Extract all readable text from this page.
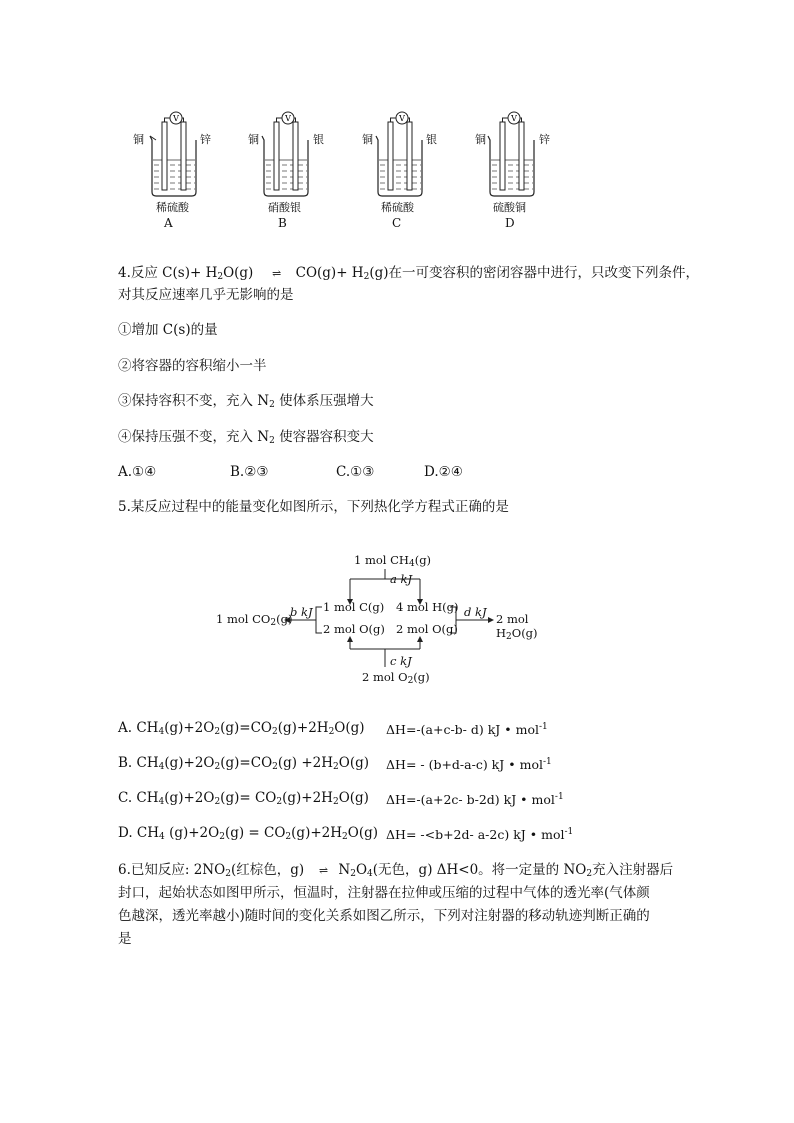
V	V	V	V
铜	锌
稀硫酸
A
铜	银
硝酸银
B
铜	银
稀硫酸
C
铜	锌
硫酸铜
D
4.反应 $C(s)+ H_2O(g)$ ⇌ $CO(g)+ H_2(g)$在一可变容积的密闭容器中进行，只改变下列条件，
对其反应速率几乎无影响的是
①增加 C(s)的量
②将容器的容积缩小一半
③保持容积不变，充入 $N_2$ 使体系压强增大
④保持压强不变，充入 $N_2$ 使容器容积变大
A.①④	B.②③	C.①③	D.②④
5.某反应过程中的能量变化如图所示，下列热化学方程式正确的是
1 mol $CH_4(g)$
a kJ
1 mol C(g) 4 mol H(g)
2 mol O(g) 2 mol O(g)
1 mol $CO_2(g)$
b kJ	d kJ 2 mol $H_2O(g)$
c kJ
2 mol $O_2(g)$
A. $CH_4(g)+2O_2(g)=CO_2(g)+2H_2O(g)$ ΔH=-(a+c-b- d) kJ • mol$^{-1}$
B. $CH_4(g)+2O_2(g)=CO_2(g) +2H_2O(g)$ ΔH= - (b+d-a-c) kJ • mol$^{-1}$
C. $CH_4(g)+2O_2(g)= CO_2(g)+2H_2O(g)$ ΔH=-(a+2c- b-2d) kJ • mol$^{-1}$
D. $CH_4$ $(g)+2O_2(g) = CO_2(g)+2H_2O(g)$ ΔH= -<b+2d- a-2c) kJ • mol$^{-1}$
6.已知反应: $2NO_2$(红棕色，g) ⇌ $N_2O_4$(无色，g) ΔH<0。将一定量的 $NO_2$充入注射器后
封口，起始状态如图甲所示，恒温时，注射器在拉伸或压缩的过程中气体的透光率(气体颜
色越深，透光率越小)随时间的变化关系如图乙所示，下列对注射器的移动轨迹判断正确的
是
